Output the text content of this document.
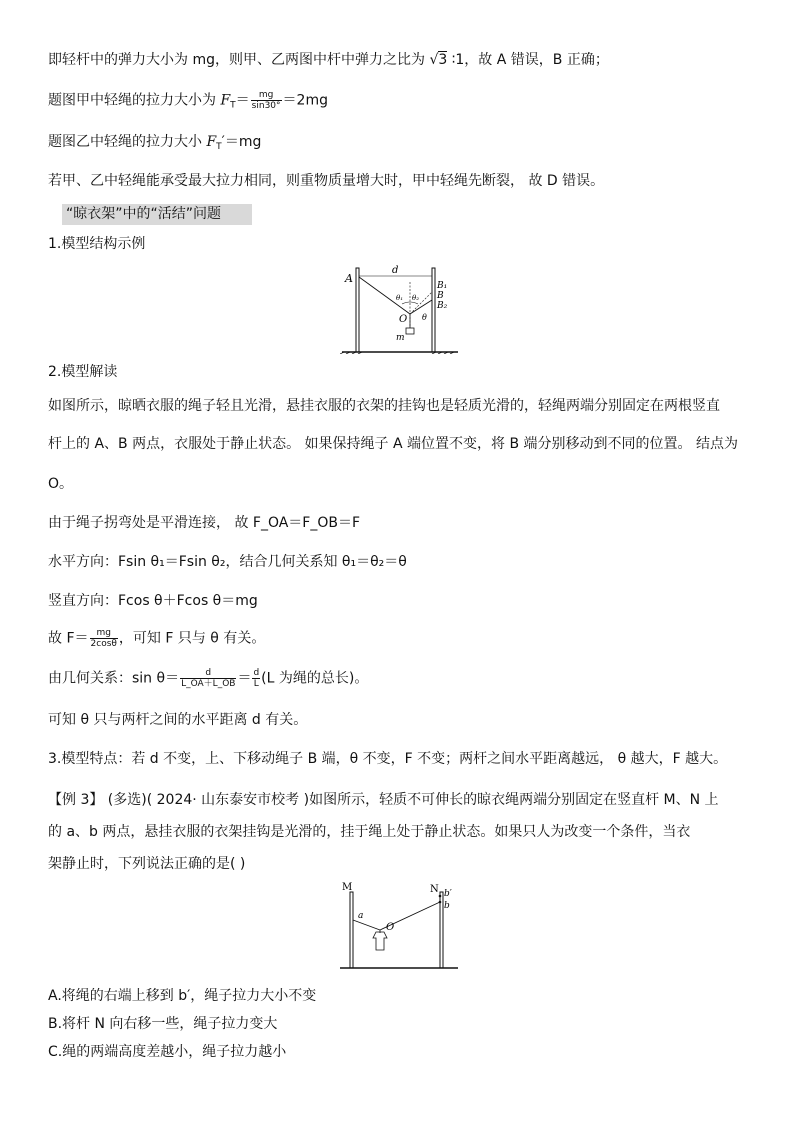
即轻杆中的弹力大小为 mg，则甲、乙两图中杆中弹力之比为 √3 ∶1，故 A 错误，B 正确；
题图甲中轻绳的拉力大小为 $F_T= \frac{mg}{\sin 30^\circ} =2mg$
题图乙中轻绳的拉力大小 $F_T'=mg$
若甲、乙中轻绳能承受最大拉力相同，则重物质量增大时，甲中轻绳先断裂， 故 D 错误。
“晾衣架”中的“活结”问题
1.模型结构示例
A
d
B₁
B
B₂
θ₁ θ₂
O θ
m
2.模型解读
如图所示，晾晒衣服的绳子轻且光滑，悬挂衣服的衣架的挂钩也是轻质光滑的，轻绳两端分别固定在两根竖直
杆上的 A、B 两点，衣服处于静止状态。 如果保持绳子 A 端位置不变，将 B 端分别移动到不同的位置。 结点为
O。
由于绳子拐弯处是平滑连接， 故 F_OA＝F_OB＝F
水平方向：Fsin θ₁＝Fsin θ₂，结合几何关系知 θ₁＝θ₂＝θ
竖直方向：Fcos θ＋Fcos θ＝mg
故 $F= \frac{mg}{2\cos\theta}$ ，可知 F 只与 θ 有关。
由几何关系：$\sin \theta= \frac{d}{L\_OA+L\_OB} = \frac{d}{L} (L$ 为绳的总长)。
可知 θ 只与两杆之间的水平距离 d 有关。
3.模型特点：若 d 不变，上、下移动绳子 B 端，θ 不变，F 不变；两杆之间水平距离越远， θ 越大，F 越大。
【例 3】 (多选)( 2024· 山东泰安市校考 )如图所示，轻质不可伸长的晾衣绳两端分别固定在竖直杆 M、N 上
的 a、b 两点，悬挂衣服的衣架挂钩是光滑的，挂于绳上处于静止状态。如果只人为改变一个条件，当衣
架静止时，下列说法正确的是( )
M	N b′
b
a
O
A.将绳的右端上移到 b′，绳子拉力大小不变
B.将杆 N 向右移一些，绳子拉力变大
C.绳的两端高度差越小，绳子拉力越小
